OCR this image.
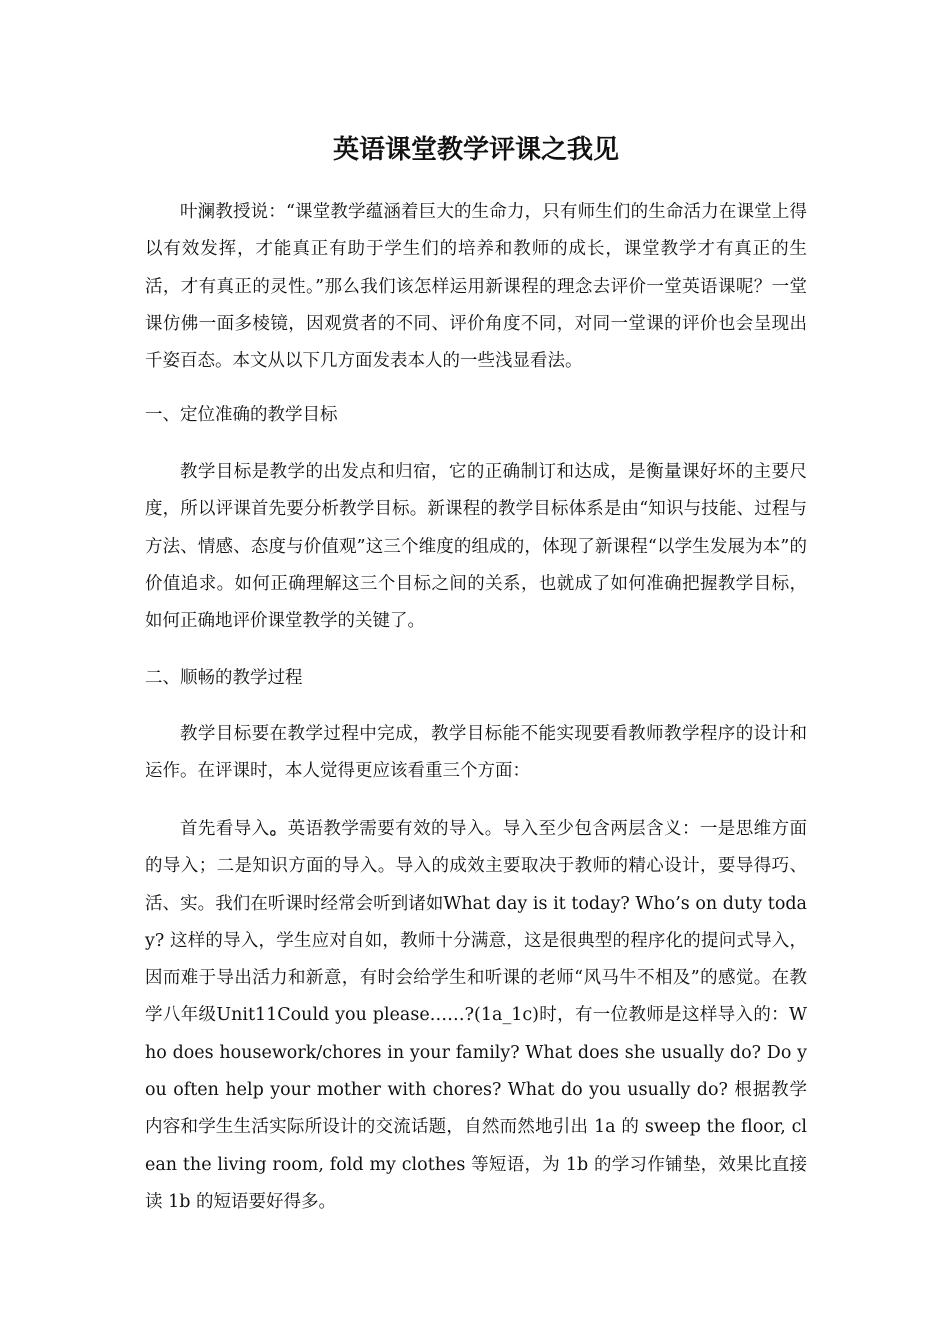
英语课堂教学评课之我见

叶澜教授说：“课堂教学蕴涵着巨大的生命力，只有师生们的生命活力在课堂上得以有效发挥，才能真正有助于学生们的培养和教师的成长，课堂教学才有真正的生活，才有真正的灵性。”那么我们该怎样运用新课程的理念去评价一堂英语课呢？一堂课仿佛一面多棱镜，因观赏者的不同、评价角度不同，对同一堂课的评价也会呈现出千姿百态。本文从以下几方面发表本人的一些浅显看法。

一、定位准确的教学目标

教学目标是教学的出发点和归宿，它的正确制订和达成，是衡量课好坏的主要尺度，所以评课首先要分析教学目标。新课程的教学目标体系是由“知识与技能、过程与方法、情感、态度与价值观”这三个维度的组成的，体现了新课程“以学生发展为本”的价值追求。如何正确理解这三个目标之间的关系，也就成了如何准确把握教学目标，如何正确地评价课堂教学的关键了。

二、顺畅的教学过程

教学目标要在教学过程中完成，教学目标能不能实现要看教师教学程序的设计和运作。在评课时，本人觉得更应该看重三个方面：

首先看导入。英语教学需要有效的导入。导入至少包含两层含义：一是思维方面的导入；二是知识方面的导入。导入的成效主要取决于教师的精心设计，要导得巧、活、实。我们在听课时经常会听到诸如What day is it today? Who’s on duty today? 这样的导入，学生应对自如，教师十分满意，这是很典型的程序化的提问式导入，因而难于导出活力和新意，有时会给学生和听课的老师“风马牛不相及”的感觉。在教学八年级Unit11Could you please……?(1a_1c)时，有一位教师是这样导入的：Who does housework/chores in your family? What does she usually do? Do you often help your mother with chores? What do you usually do? 根据教学内容和学生生活实际所设计的交流话题，自然而然地引出 1a 的 sweep the floor, clean the living room, fold my clothes 等短语，为 1b 的学习作铺垫，效果比直接读 1b 的短语要好得多。
